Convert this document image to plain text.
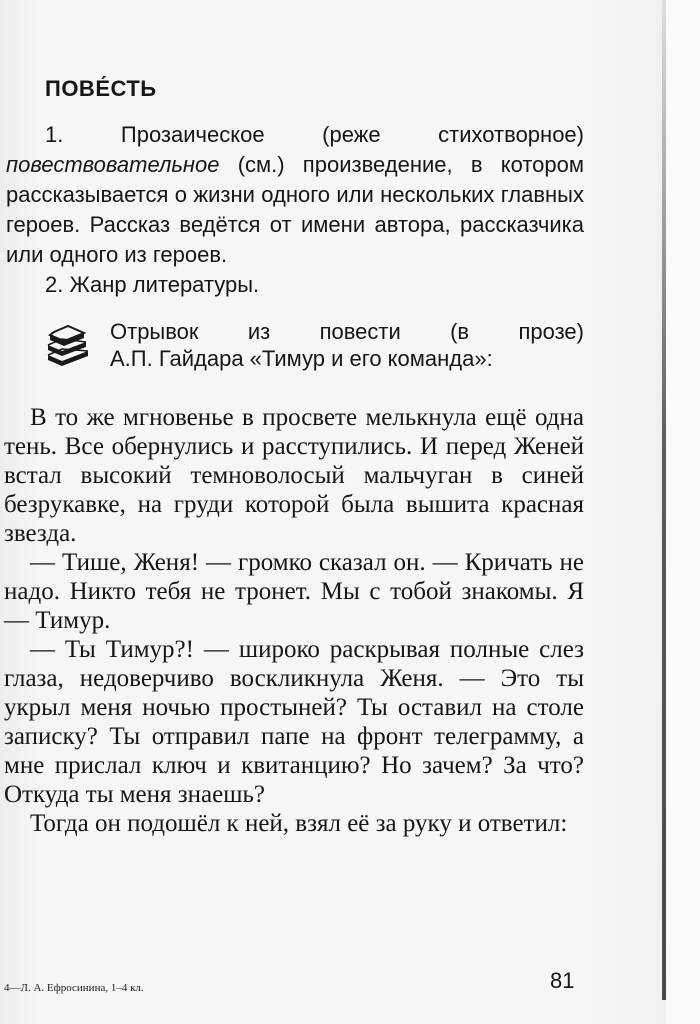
ПОВЕ́СТЬ

1. Прозаическое (реже стихотворное) повествовательное (см.) произведение, в котором рассказывается о жизни одного или нескольких главных героев. Рассказ ведётся от имени автора, рассказчика или одного из героев.

2. Жанр литературы.

Отрывок из повести (в прозе)
А.П. Гайдара «Тимур и его команда»:

В то же мгновенье в просвете мелькнула ещё одна тень. Все обернулись и расступились. И перед Женей встал высокий темноволосый мальчуган в синей безрукавке, на груди которой была вышита красная звезда.

— Тише, Женя! — громко сказал он. — Кричать не надо. Никто тебя не тронет. Мы с тобой знакомы. Я — Тимур.

— Ты Тимур?! — широко раскрывая полные слез глаза, недоверчиво воскликнула Женя. — Это ты укрыл меня ночью простыней? Ты оставил на столе записку? Ты отправил папе на фронт телеграмму, а мне прислал ключ и квитанцию? Но зачем? За что? Откуда ты меня знаешь?

Тогда он подошёл к ней, взял её за руку и ответил:

4—Л. А. Ефросинина, 1–4 кл.	81
